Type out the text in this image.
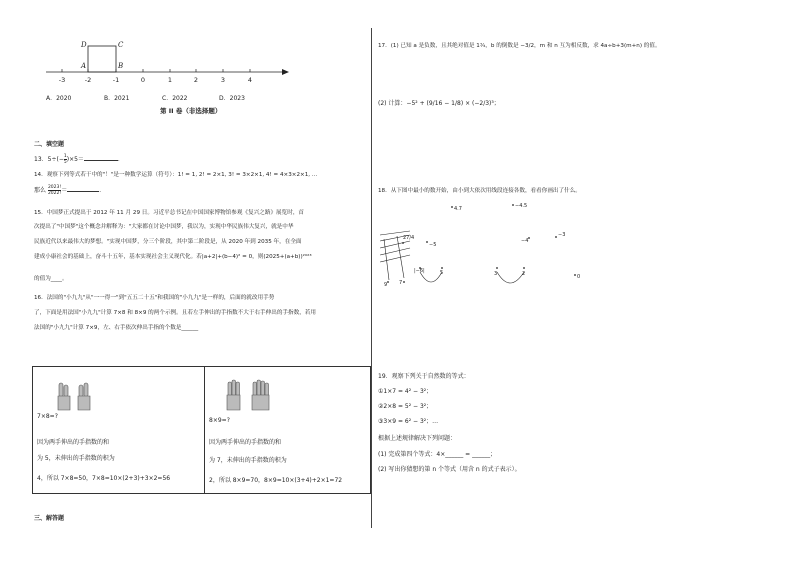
D	C
A	B
-3	-2	-1	0	1	2	3	4
A．2020	B．2021	C．2022	D．2023
第 II 卷（非选择题）
二、填空题
13．$5\div(- \frac{1}{5} )\times 5=$	．
14．观察下列等式若干中的"！"是一种数学运算（符号）：1! = 1, 2! = 2×1, 3! = 3×2×1, 4! = 4×3×2×1, ...
那么 $\frac{2023!}{2022!}$ ＝	．
15．中国梦正式提出于 2012 年 11 月 29 日。习近平总书记在中国国家博物馆参观《复兴之路》展览时，首
次提出了"中国梦"这个概念并解释为："大家都在讨论中国梦，我以为，实现中华民族伟大复兴，就是中华
民族近代以来最伟大的梦想。"实现中国梦，分三个阶段，其中第二阶段是，从 2020 年到 2035 年，在全面
建成小康社会的基础上，奋斗十五年，基本实现社会主义现代化。若|a+2|+(b−4)² = 0，则(2025+(a+b))²⁰²³
的值为____。
16．法国的"小九九"从"一一得一"到"五五二十五"和我国的"小九九"是一样的，后面的就改用手势
了，下面是用法国"小九九"计算 7×8 和 8×9 的两个示例。且若左手伸出的手指数不大于右手伸出的手指数，若用
法国的"小九九"计算 7×9，左、右手依次伸出手指的个数是______
7×8=?
因为两手伸出的手指数的和
为 5，未伸出的手指数的积为
4，所以 7×8=50，7×8=10×(2+3)+3×2=56
8×9=?
因为两手伸出的手指数的和
为 7，未伸出的手指数的积为
2，所以 8×9=70，8×9=10×(3+4)+2×1=72
三、解答题
17．(1) 已知 a 是负数，且其绝对值是 1¾，b 的倒数是 −3/2，m 和 n 互为相反数，求 4a÷b+3(m+n) 的值。
(2) 计算：−5² + (9/16 − 1/8) × (−2/3)³；
18．从下图中最小的数开始，由小到大依次用线段连接各数，看看你画出了什么。
4.7	−4.5
27/4
−5
−4
−3
|−6|	5	3	2	0
9 7
19．观察下列关于自然数的等式：
①1×7 = 4² − 3²；
②2×8 = 5² − 3²；
③3×9 = 6² − 3²；…
根据上述规律解决下列问题：
(1) 完成第四个等式：4×______ = ______；
(2) 写出你猜想的第 n 个等式（用含 n 的式子表示）。
